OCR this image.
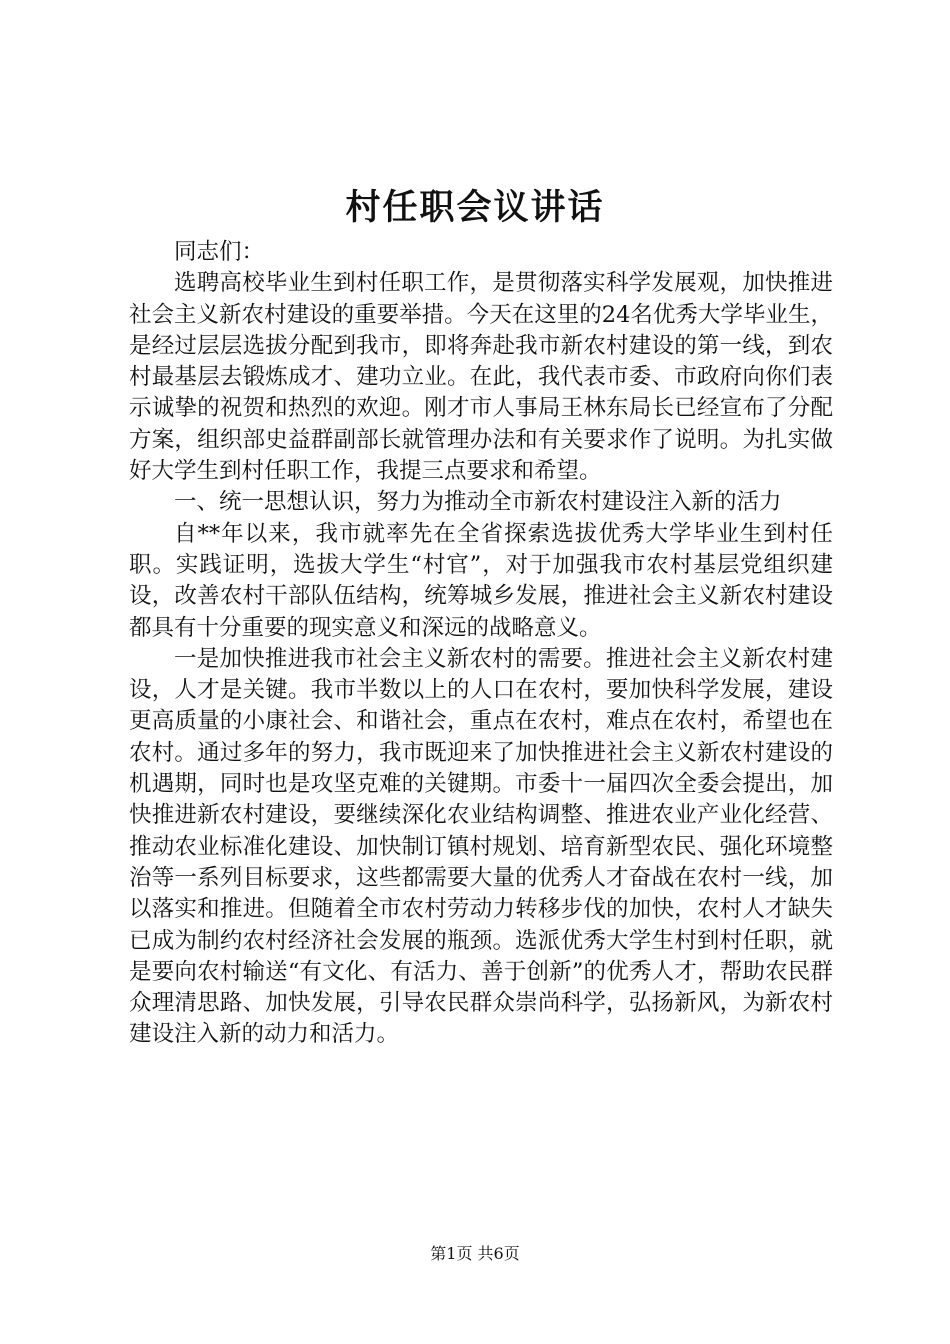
村任职会议讲话

同志们：

选聘高校毕业生到村任职工作，是贯彻落实科学发展观，加快推进社会主义新农村建设的重要举措。今天在这里的24名优秀大学毕业生，是经过层层选拔分配到我市，即将奔赴我市新农村建设的第一线，到农村最基层去锻炼成才、建功立业。在此，我代表市委、市政府向你们表示诚挚的祝贺和热烈的欢迎。刚才市人事局王林东局长已经宣布了分配方案，组织部史益群副部长就管理办法和有关要求作了说明。为扎实做好大学生到村任职工作，我提三点要求和希望。

一、统一思想认识，努力为推动全市新农村建设注入新的活力

自**年以来，我市就率先在全省探索选拔优秀大学毕业生到村任职。实践证明，选拔大学生“村官”，对于加强我市农村基层党组织建设，改善农村干部队伍结构，统筹城乡发展，推进社会主义新农村建设都具有十分重要的现实意义和深远的战略意义。

一是加快推进我市社会主义新农村的需要。推进社会主义新农村建设，人才是关键。我市半数以上的人口在农村，要加快科学发展，建设更高质量的小康社会、和谐社会，重点在农村，难点在农村，希望也在农村。通过多年的努力，我市既迎来了加快推进社会主义新农村建设的机遇期，同时也是攻坚克难的关键期。市委十一届四次全委会提出，加快推进新农村建设，要继续深化农业结构调整、推进农业产业化经营、推动农业标准化建设、加快制订镇村规划、培育新型农民、强化环境整治等一系列目标要求，这些都需要大量的优秀人才奋战在农村一线，加以落实和推进。但随着全市农村劳动力转移步伐的加快，农村人才缺失已成为制约农村经济社会发展的瓶颈。选派优秀大学生村到村任职，就是要向农村输送“有文化、有活力、善于创新”的优秀人才，帮助农民群众理清思路、加快发展，引导农民群众崇尚科学，弘扬新风，为新农村建设注入新的动力和活力。

第1页 共6页
